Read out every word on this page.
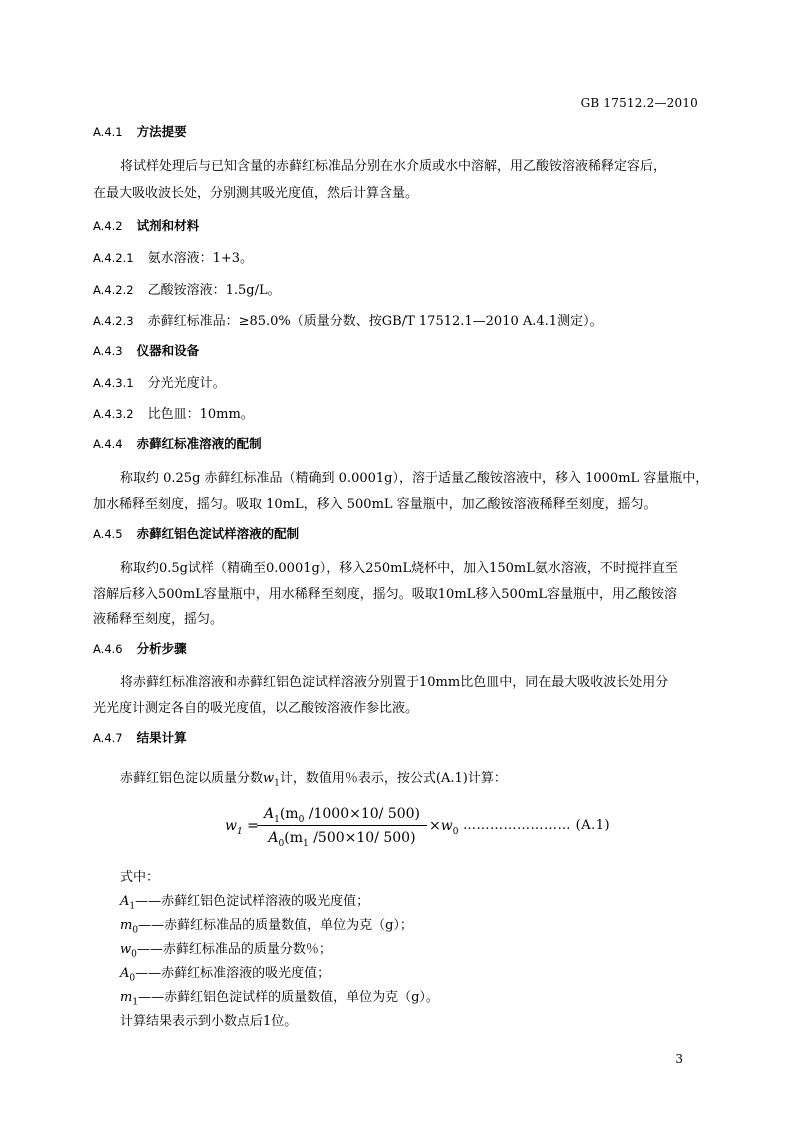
GB 17512.2—2010
A.4.1 方法提要
将试样处理后与已知含量的赤藓红标准品分别在水介质或水中溶解，用乙酸铵溶液稀释定容后，
在最大吸收波长处，分别测其吸光度值，然后计算含量。
A.4.2 试剂和材料
A.4.2.1 氨水溶液：1+3。
A.4.2.2 乙酸铵溶液：1.5g/L。
A.4.2.3 赤藓红标准品：≥85.0%（质量分数、按GB/T 17512.1—2010 A.4.1测定）。
A.4.3 仪器和设备
A.4.3.1 分光光度计。
A.4.3.2 比色皿：10mm。
A.4.4 赤藓红标准溶液的配制
称取约 0.25g 赤藓红标准品（精确到 0.0001g），溶于适量乙酸铵溶液中，移入 1000mL 容量瓶中，
加水稀释至刻度，摇匀。吸取 10mL，移入 500mL 容量瓶中，加乙酸铵溶液稀释至刻度，摇匀。
A.4.5 赤藓红铝色淀试样溶液的配制
称取约0.5g试样（精确至0.0001g），移入250mL烧杯中，加入150mL氨水溶液，不时搅拌直至
溶解后移入500mL容量瓶中，用水稀释至刻度，摇匀。吸取10mL移入500mL容量瓶中，用乙酸铵溶
液稀释至刻度，摇匀。
A.4.6 分析步骤
将赤藓红标准溶液和赤藓红铝色淀试样溶液分别置于10mm比色皿中，同在最大吸收波长处用分
光光度计测定各自的吸光度值，以乙酸铵溶液作参比液。
A.4.7 结果计算
赤藓红铝色淀以质量分数$w_1$计，数值用％表示，按公式(A.1)计算：
$w_1$ =
$\frac{A_1(m_0 /1000\times 10/ 500)}{A_0(m_1 /500\times 10/ 500)} \times w_0$ …………………… (A.1)
式中：
$A_1——$赤藓红铝色淀试样溶液的吸光度值；
$m_0——$赤藓红标准品的质量数值，单位为克（g）；
$w_0——$赤藓红标准品的质量分数％；
$A_0——$赤藓红标准溶液的吸光度值；
$m_1——$赤藓红铝色淀试样的质量数值，单位为克（g）。
计算结果表示到小数点后1位。
3
